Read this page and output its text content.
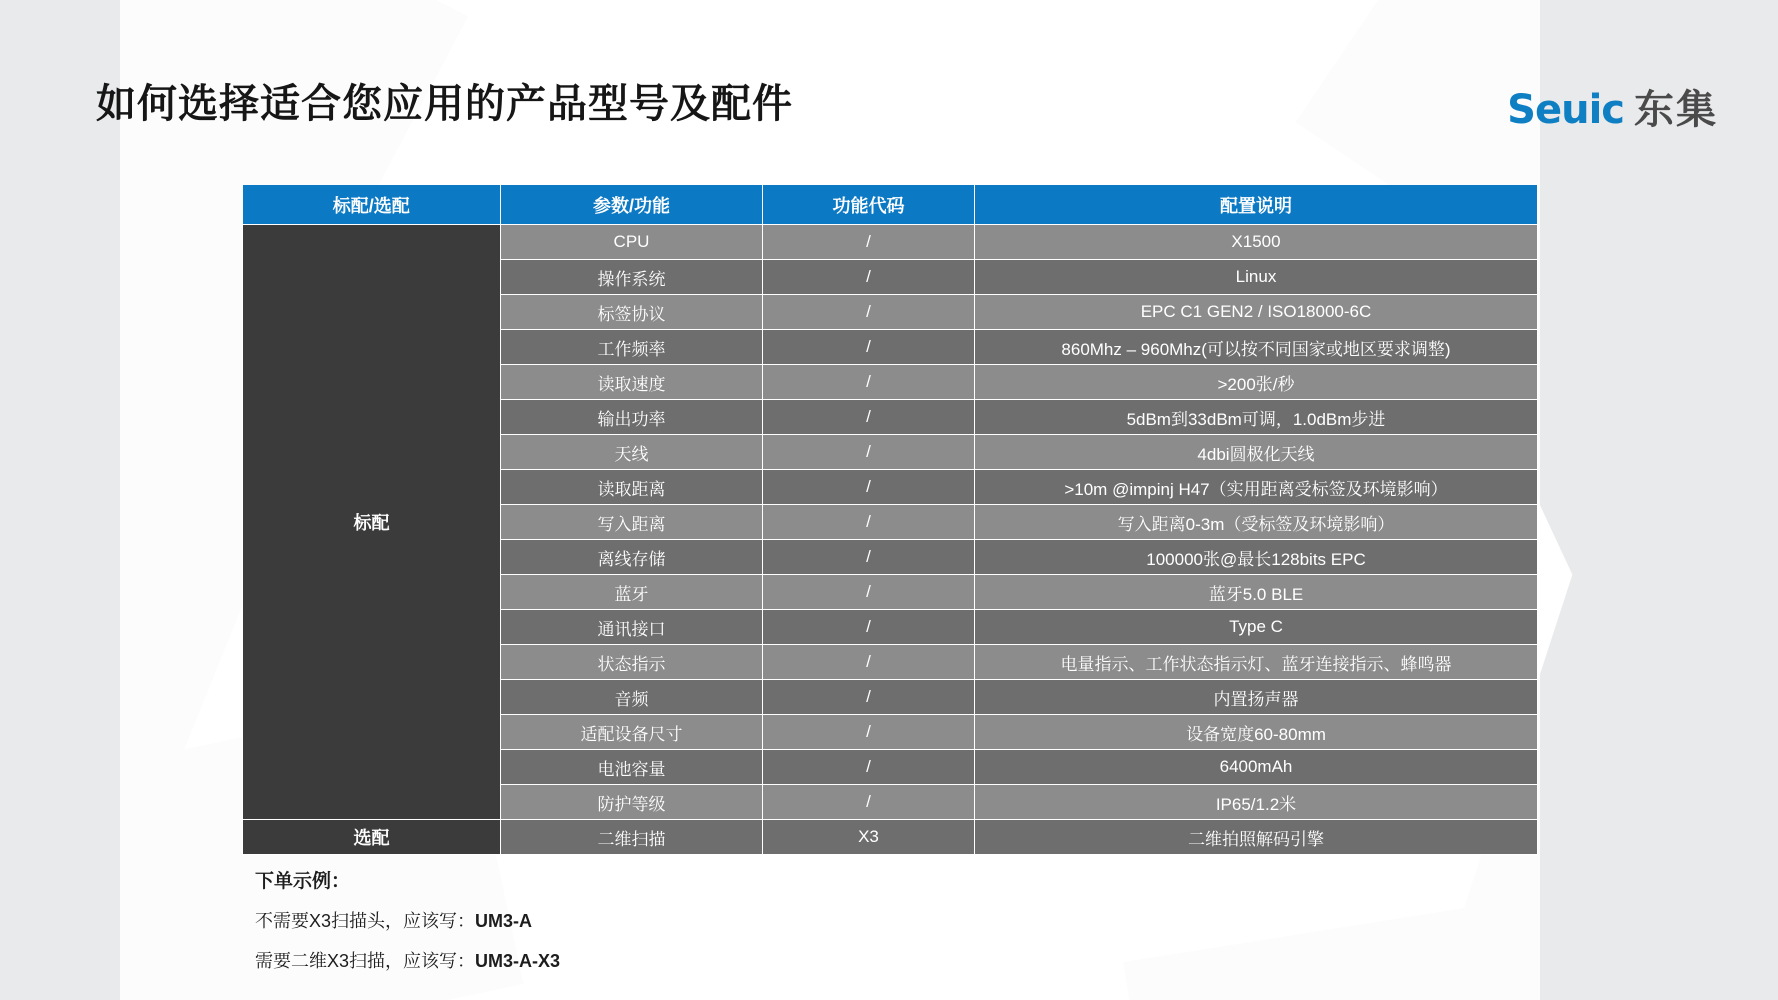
如何选择适合您应用的产品型号及配件	Seuic 东集
标配/选配	参数/功能	功能代码	配置说明
标配	CPU	/	X1500
	操作系统	/	Linux
	标签协议	/	EPC C1 GEN2 / ISO18000-6C
	工作频率	/	860Mhz – 960Mhz(可以按不同国家或地区要求调整)
	读取速度	/	>200张/秒
	输出功率	/	5dBm到33dBm可调，1.0dBm步进
	天线	/	4dbi圆极化天线
	读取距离	/	>10m @impinj H47（实用距离受标签及环境影响）
	写入距离	/	写入距离0-3m（受标签及环境影响）
	离线存储	/	100000张@最长128bits EPC
	蓝牙	/	蓝牙5.0 BLE
	通讯接口	/	Type C
	状态指示	/	电量指示、工作状态指示灯、蓝牙连接指示、蜂鸣器
	音频	/	内置扬声器
	适配设备尺寸	/	设备宽度60-80mm
	电池容量	/	6400mAh
	防护等级	/	IP65/1.2米
选配	二维扫描	X3	二维拍照解码引擎
下单示例：
不需要X3扫描头，应该写：UM3-A
需要二维X3扫描，应该写：UM3-A-X3
